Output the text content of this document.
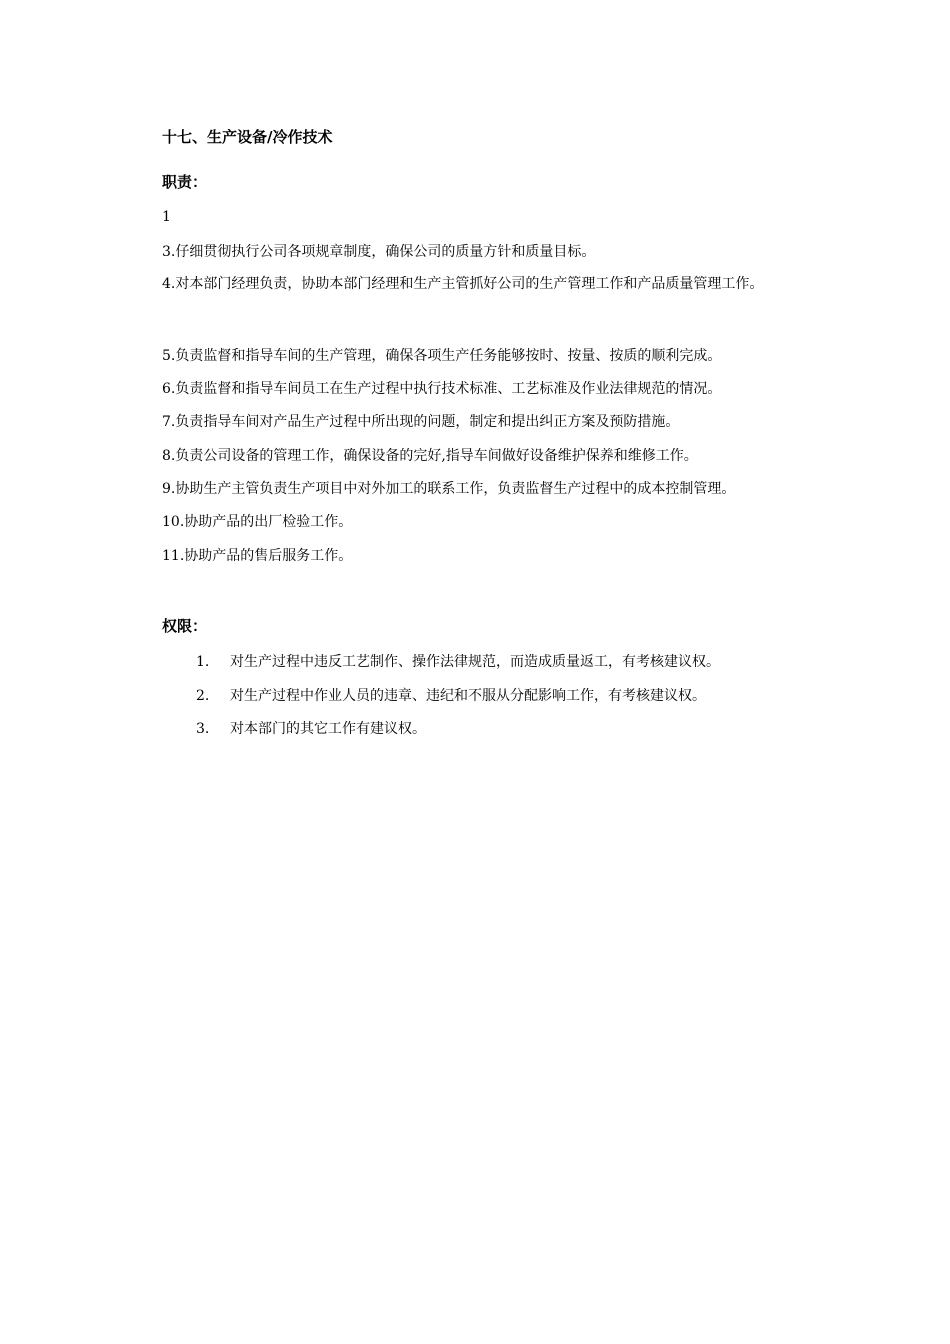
十七、生产设备/冷作技术
职责：
1
3.仔细贯彻执行公司各项规章制度，确保公司的质量方针和质量目标。
4.对本部门经理负责，协助本部门经理和生产主管抓好公司的生产管理工作和产品质量管理工作。
5.负责监督和指导车间的生产管理，确保各项生产任务能够按时、按量、按质的顺利完成。
6.负责监督和指导车间员工在生产过程中执行技术标准、工艺标准及作业法律规范的情况。
7.负责指导车间对产品生产过程中所出现的问题，制定和提出纠正方案及预防措施。
8.负责公司设备的管理工作，确保设备的完好,指导车间做好设备维护保养和维修工作。
9.协助生产主管负责生产项目中对外加工的联系工作，负责监督生产过程中的成本控制管理。
10.协助产品的出厂检验工作。
11.协助产品的售后服务工作。
权限：
1. 对生产过程中违反工艺制作、操作法律规范，而造成质量返工，有考核建议权。
2. 对生产过程中作业人员的违章、违纪和不服从分配影响工作，有考核建议权。
3. 对本部门的其它工作有建议权。
